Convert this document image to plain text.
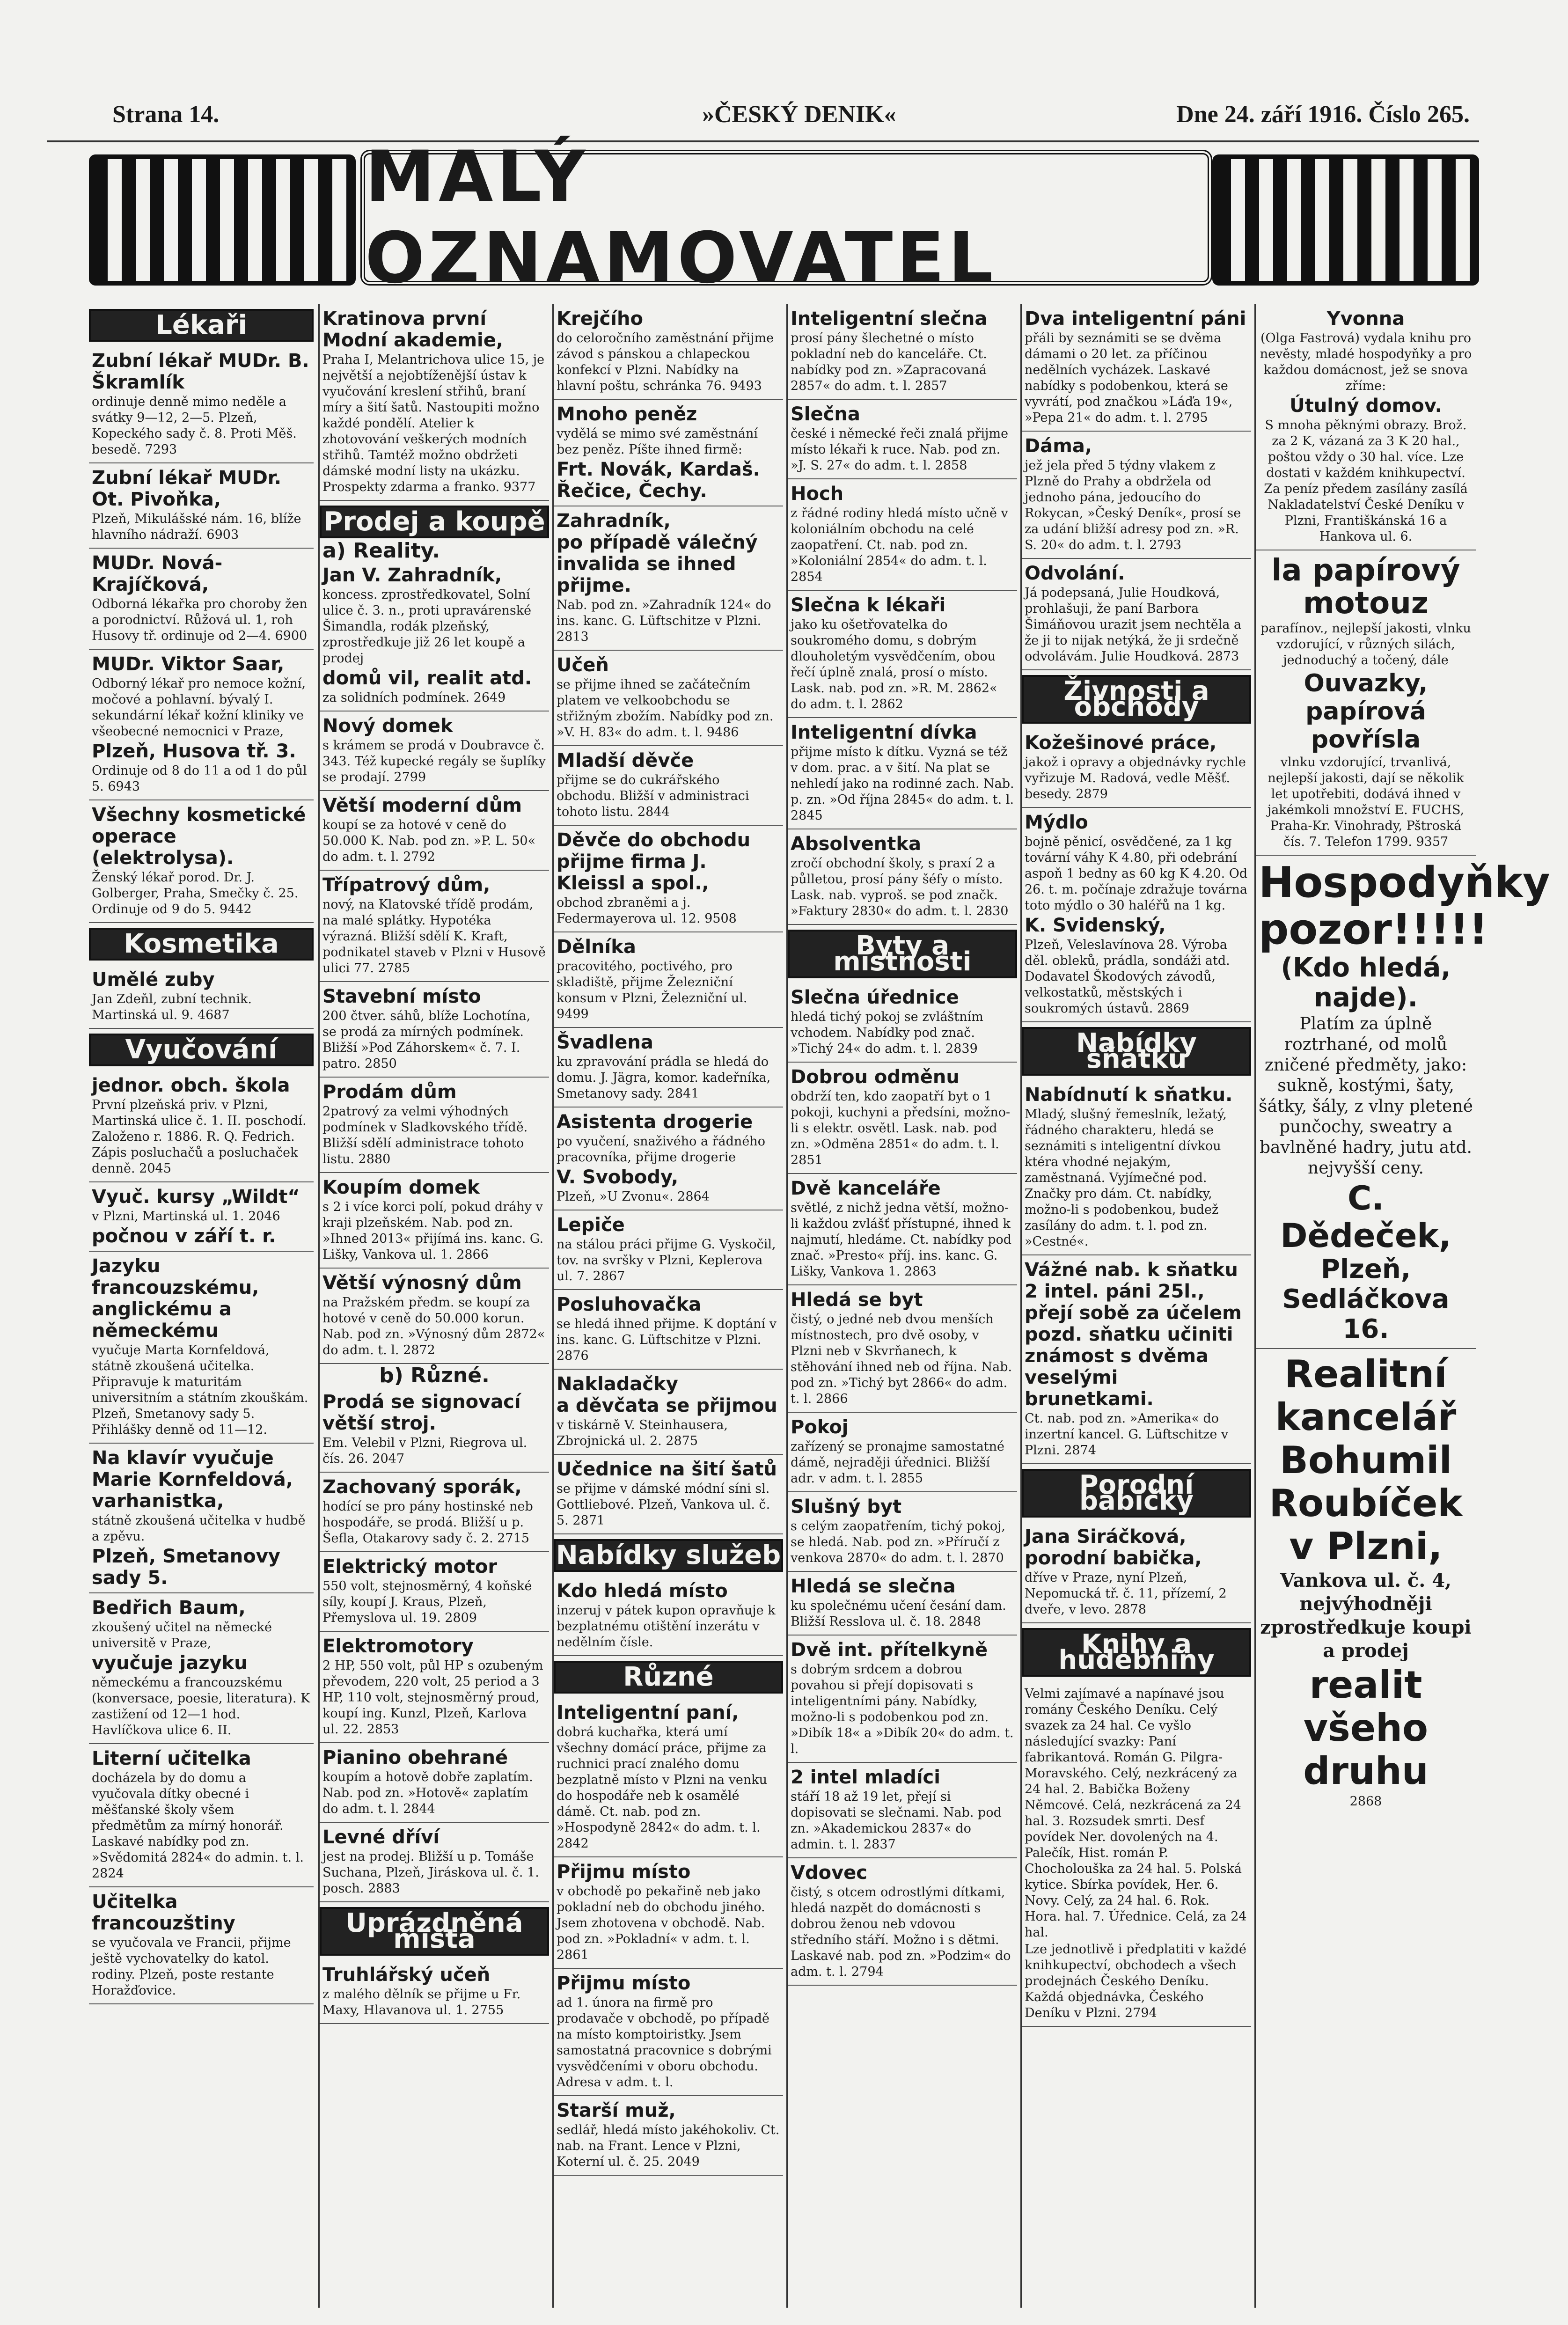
Strana 14.	»ČESKÝ DENIK«	Dne 24. září 1916. Číslo 265.
MALÝ OZNAMOVATEL
Lékaři
Zubní lékař MUDr. B. Škramlík

ordinuje denně mimo neděle a svátky 9—12, 2—5. Plzeň, Kopeckého sady č. 8. Proti Měš. besedě. 7293

Zubní lékař MUDr. Ot. Pivoňka,

Plzeň, Mikulášské nám. 16, blíže hlavního nádraží. 6903

MUDr. Nová-Krajíčková,

Odborná lékařka pro choroby žen a porodnictví. Růžová ul. 1, roh Husovy tř. ordinuje od 2—4. 6900

MUDr. Viktor Saar,

Odborný lékař pro nemoce kožní, močové a pohlavní. bývalý I. sekundární lékař kožní kliniky ve všeobecné nemocnici v Praze,

Plzeň, Husova tř. 3.

Ordinuje od 8 do 11 a od 1 do půl 5. 6943

Všechny kosmetické operace (elektrolysa).

Ženský lékař porod. Dr. J. Golberger, Praha, Smečky č. 25. Ordinuje od 9 do 5. 9442

Kosmetika
Umělé zuby

Jan Zdeňl, zubní technik. Martinská ul. 9. 4687

Vyučování
jednor. obch. škola

První plzeňská priv. v Plzni, Martinská ulice č. 1. II. poschodí. Založeno r. 1886. R. Q. Fedrich. Zápis posluchačů a posluchaček denně. 2045

Vyuč. kursy „Wildt“

v Plzni, Martinská ul. 1. 2046

počnou v září t. r.
Jazyku francouzskému, anglickému a německému

vyučuje Marta Kornfeldová, státně zkoušená učitelka. Připravuje k maturitám universitním a státním zkouškám. Plzeň, Smetanovy sady 5. Přihlášky denně od 11—12.

Na klavír vyučuje Marie Kornfeldová, varhanistka,

státně zkoušená učitelka v hudbě a zpěvu.

Plzeň, Smetanovy sady 5.
Bedřich Baum,

zkoušený učitel na německé universitě v Praze,

vyučuje jazyku

německému a francouzskému (konversace, poesie, literatura). K zastižení od 12—1 hod. Havlíčkova ulice 6. II.

Literní učitelka

docházela by do domu a vyučovala dítky obecné i měšťanské školy všem předmětům za mírný honorář. Laskavé nabídky pod zn. »Svědomitá 2824« do admin. t. l. 2824

Učitelka francouzštiny

se vyučovala ve Francii, přijme ještě vychovatelky do katol. rodiny. Plzeň, poste restante Horažďovice.

Kratinova první Modní akademie,

Praha I, Melantrichova ulice 15, je největší a nejobtíženější ústav k vyučování kreslení střihů, braní míry a šití šatů. Nastoupiti možno každé pondělí. Atelier k zhotovování veškerých modních střihů. Tamtéž možno obdržeti dámské modní listy na ukázku. Prospekty zdarma a franko. 9377

Prodej a koupě
a) Reality.
Jan V. Zahradník,

koncess. zprostředkovatel, Solní ulice č. 3. n., proti upravárenské Šimandla, rodák plzeňský, zprostředkuje již 26 let koupě a prodej

domů vil, realit atd.

za solidních podmínek. 2649

Nový domek

s krámem se prodá v Doubravce č. 343. Též kupecké regály se šuplíky se prodají. 2799

Větší moderní dům

koupí se za hotové v ceně do 50.000 K. Nab. pod zn. »P. L. 50« do adm. t. l. 2792

Třípatrový dům,

nový, na Klatovské třídě prodám, na malé splátky. Hypotéka výrazná. Bližší sdělí K. Kraft, podnikatel staveb v Plzni v Husově ulici 77. 2785

Stavební místo

200 čtver. sáhů, blíže Lochotína, se prodá za mírných podmínek. Bližší »Pod Záhorskem« č. 7. I. patro. 2850

Prodám dům

2patrový za velmi výhodných podmínek v Sladkovského třídě. Bližší sdělí administrace tohoto listu. 2880

Koupím domek

s 2 i více korci polí, pokud dráhy v kraji plzeňském. Nab. pod zn. »Ihned 2013« přijímá ins. kanc. G. Lišky, Vankova ul. 1. 2866

Větší výnosný dům

na Pražském předm. se koupí za hotové v ceně do 50.000 korun. Nab. pod zn. »Výnosný dům 2872« do adm. t. l. 2872

b) Různé.
Prodá se signovací větší stroj.

Em. Velebil v Plzni, Riegrova ul. čís. 26. 2047

Zachovaný sporák,

hodící se pro pány hostinské neb hospodáře, se prodá. Bližší u p. Šefla, Otakarovy sady č. 2. 2715

Elektrický motor

550 volt, stejnosměrný, 4 koňské síly, koupí J. Kraus, Plzeň, Přemyslova ul. 19. 2809

Elektromotory

2 HP, 550 volt, půl HP s ozubeným převodem, 220 volt, 25 period a 3 HP, 110 volt, stejnosměrný proud, koupí ing. Kunzl, Plzeň, Karlova ul. 22. 2853

Pianino obehrané

koupím a hotově dobře zaplatím. Nab. pod zn. »Hotově« zaplatím do adm. t. l. 2844

Levné dříví

jest na prodej. Bližší u p. Tomáše Suchana, Plzeň, Jiráskova ul. č. 1. posch. 2883

Uprázdněná místa
Truhlářský učeň

z malého dělník se přijme u Fr. Maxy, Hlavanova ul. 1. 2755

Krejčího

do celoročního zaměstnání přijme závod s pánskou a chlapeckou konfekcí v Plzni. Nabídky na hlavní poštu, schránka 76. 9493

Mnoho peněz

vydělá se mimo své zaměstnání bez peněz. Píšte ihned firmě:

Frt. Novák, Kardaš. Řečice, Čechy.
Zahradník,
po případě válečný invalida se ihned přijme.

Nab. pod zn. »Zahradník 124« do ins. kanc. G. Lüftschitze v Plzni. 2813

Učeň

se přijme ihned se začátečním platem ve velkoobchodu se střižným zbožím. Nabídky pod zn. »V. H. 83« do adm. t. l. 9486

Mladší děvče

přijme se do cukrářského obchodu. Bližší v administraci tohoto listu. 2844

Děvče do obchodu
přijme firma J. Kleissl a spol.,

obchod zbraněmi a j. Federmayerova ul. 12. 9508

Dělníka

pracovitého, poctivého, pro skladiště, přijme Železniční konsum v Plzni, Železniční ul. 9499

Švadlena

ku zpravování prádla se hledá do domu. J. Jägra, komor. kadeřníka, Smetanovy sady. 2841

Asistenta drogerie

po vyučení, snaživého a řádného pracovníka, přijme drogerie

V. Svobody,

Plzeň, »U Zvonu«. 2864

Lepiče

na stálou práci přijme G. Vyskočil, tov. na svršky v Plzni, Keplerova ul. 7. 2867

Posluhovačka

se hledá ihned přijme. K doptání v ins. kanc. G. Lüftschitze v Plzni. 2876

Nakladačky
a děvčata se přijmou

v tiskárně V. Steinhausera, Zbrojnická ul. 2. 2875

Učednice na šití šatů

se přijme v dámské módní síni sl. Gottliebové. Plzeň, Vankova ul. č. 5. 2871

Nabídky služeb
Kdo hledá místo

inzeruj v pátek kupon opravňuje k bezplatnému otištění inzerátu v nedělním čísle.

Různé
Inteligentní paní,

dobrá kuchařka, která umí všechny domácí práce, přijme za ruchnici prací znalého domu bezplatně místo v Plzni na venku do hospodáře neb k osamělé dámě. Ct. nab. pod zn. »Hospodyně 2842« do adm. t. l. 2842

Přijmu místo

v obchodě po pekařině neb jako pokladní neb do obchodu jiného. Jsem zhotovena v obchodě. Nab. pod zn. »Pokladní« v adm. t. l. 2861

Přijmu místo

ad 1. února na firmě pro prodavače v obchodě, po případě na místo komptoiristky. Jsem samostatná pracovnice s dobrými vysvědčeními v oboru obchodu. Adresa v adm. t. l.

Starší muž,

sedlář, hledá místo jakéhokoliv. Ct. nab. na Frant. Lence v Plzni, Koterní ul. č. 25. 2049

Inteligentní slečna

prosí pány šlechetné o místo pokladní neb do kanceláře. Ct. nabídky pod zn. »Zapracovaná 2857« do adm. t. l. 2857

Slečna

české i německé řeči znalá přijme místo lékaři k ruce. Nab. pod zn. »J. S. 27« do adm. t. l. 2858

Hoch

z řádné rodiny hledá místo učně v koloniálním obchodu na celé zaopatření. Ct. nab. pod zn. »Koloniální 2854« do adm. t. l. 2854

Slečna k lékaři

jako ku ošetřovatelka do soukromého domu, s dobrým dlouholetým vysvědčením, obou řečí úplně znalá, prosí o místo. Lask. nab. pod zn. »R. M. 2862« do adm. t. l. 2862

Inteligentní dívka

přijme místo k dítku. Vyzná se též v dom. prac. a v šití. Na plat se nehledí jako na rodinné zach. Nab. p. zn. »Od října 2845« do adm. t. l. 2845

Absolventka

zročí obchodní školy, s praxí 2 a půlletou, prosí pány šéfy o místo. Lask. nab. vyproš. se pod značk. »Faktury 2830« do adm. t. l. 2830

Byty a místnosti
Slečna úřednice

hledá tichý pokoj se zvláštním vchodem. Nabídky pod znač. »Tichý 24« do adm. t. l. 2839

Dobrou odměnu

obdrží ten, kdo zaopatří byt o 1 pokoji, kuchyni a předsíni, možno-li s elektr. osvětl. Lask. nab. pod zn. »Odměna 2851« do adm. t. l. 2851

Dvě kanceláře

světlé, z nichž jedna větší, možno-li každou zvlášť přístupné, ihned k najmutí, hledáme. Ct. nabídky pod znač. »Presto« příj. ins. kanc. G. Lišky, Vankova 1. 2863

Hledá se byt

čistý, o jedné neb dvou menších místnostech, pro dvě osoby, v Plzni neb v Skvrňanech, k stěhování ihned neb od října. Nab. pod zn. »Tichý byt 2866« do adm. t. l. 2866

Pokoj

zařízený se pronajme samostatné dámě, nejraději úřednici. Bližší adr. v adm. t. l. 2855

Slušný byt

s celým zaopatřením, tichý pokoj, se hledá. Nab. pod zn. »Příručí z venkova 2870« do adm. t. l. 2870

Hledá se slečna

ku společnému učení česání dam. Bližší Resslova ul. č. 18. 2848

Dvě int. přítelkyně

s dobrým srdcem a dobrou povahou si přejí dopisovati s inteligentními pány. Nabídky, možno-li s podobenkou pod zn. »Dibík 18« a »Dibík 20« do adm. t. l.

2 intel mladíci

stáří 18 až 19 let, přejí si dopisovati se slečnami. Nab. pod zn. »Akademickou 2837« do admin. t. l. 2837

Vdovec

čistý, s otcem odrostlými dítkami, hledá nazpět do domácnosti s dobrou ženou neb vdovou středního stáří. Možno i s dětmi. Laskavé nab. pod zn. »Podzim« do adm. t. l. 2794

Dva inteligentní páni

přáli by seznámiti se se dvěma dámami o 20 let. za příčinou nedělních vycházek. Laskavé nabídky s podobenkou, která se vyvrátí, pod značkou »Láďa 19«, »Pepa 21« do adm. t. l. 2795

Dáma,

jež jela před 5 týdny vlakem z Plzně do Prahy a obdržela od jednoho pána, jedoucího do Rokycan, »Český Deník«, prosí se za udání bližší adresy pod zn. »R. S. 20« do adm. t. l. 2793

Odvolání.

Já podepsaná, Julie Houdková, prohlašuji, že paní Barbora Šimáňovou urazit jsem nechtěla a že ji to nijak netýká, že ji srdečně odvolávám. Julie Houdková. 2873

Živnosti a obchody
Kožešinové práce,

jakož i opravy a objednávky rychle vyřizuje M. Radová, vedle Měšť. besedy. 2879

Mýdlo

bojně pěnicí, osvědčené, za 1 kg tovární váhy K 4.80, při odebrání aspoň 1 bedny as 60 kg K 4.20. Od 26. t. m. počínaje zdražuje továrna toto mýdlo o 30 haléřů na 1 kg.

K. Svidenský,

Plzeň, Veleslavínova 28. Výroba děl. obleků, prádla, sondáži atd. Dodavatel Škodových závodů, velkostatků, městských i soukromých ústavů. 2869

Nabídky sňatku
Nabídnutí k sňatku.

Mladý, slušný řemeslník, ležatý, řádného charakteru, hledá se seznámiti s inteligentní dívkou ktéra vhodné nejakým, zaměstnaná. Vyjímečné pod. Značky pro dám. Ct. nabídky, možno-li s podobenkou, budež zasílány do adm. t. l. pod zn. »Cestné«.

Vážné nab. k sňatku
2 intel. páni 25l., přejí sobě za účelem pozd. sňatku učiniti známost s dvěma veselými brunetkami.

Ct. nab. pod zn. »Amerika« do inzertní kancel. G. Lüftschitze v Plzni. 2874

Porodní babičky
Jana Siráčková, porodní babička,

dříve v Praze, nyní Plzeň, Nepomucká tř. č. 11, přízemí, 2 dveře, v levo. 2878

Knihy a hudebniny

Velmi zajímavé a napínavé jsou romány Českého Deníku. Celý svazek za 24 hal. Ce vyšlo následující svazky: Paní fabrikantová. Román G. Pilgra-Moravského. Celý, nezkrácený za 24 hal. 2. Babička Boženy Němcové. Celá, nezkrácená za 24 hal. 3. Rozsudek smrti. Desf povídek Ner. dovolených na 4. Palečík, Hist. román P. Chocholouška za 24 hal. 5. Polská kytice. Sbírka povídek, Her. 6. Novy. Celý, za 24 hal. 6. Rok. Hora. hal. 7. Úřednice. Celá, za 24 hal.

Lze jednotlivě i předplatiti v každé knihkupectví, obchodech a všech prodejnách Českého Deníku. Každá objednávka, Českého Deníku v Plzni. 2794

Yvonna

(Olga Fastrová) vydala knihu pro nevěsty, mladé hospodyňky a pro každou domácnost, jež se snova zříme:

Útulný domov.

S mnoha pěknými obrazy. Brož. za 2 K, vázaná za 3 K 20 hal., poštou vždy o 30 hal. více. Lze dostati v každém knihkupectví. Za peníz předem zasílány zasílá Nakladatelství České Deníku v Plzni, Františkánská 16 a Hankova ul. 6.

la papírový motouz

parafínov., nejlepší jakosti, vlnku vzdorující, v různých silách, jednoduchý a točený, dále

Ouvazky, papírová povřísla

vlnku vzdorující, trvanlivá, nejlepší jakosti, dají se několik let upotřebiti, dodává ihned v jakémkoli množství E. FUCHS, Praha-Kr. Vinohrady, Pštroská čís. 7. Telefon 1799. 9357

Hospodyňky pozor!!!!!
(Kdo hledá, najde).

Platím za úplně roztrhané, od molů zničené předměty, jako: sukně, kostými, šaty, šátky, šály, z vlny pletené punčochy, sweatry a bavlněné hadry, jutu atd. nejvyšší ceny.

C. Dědeček,
Plzeň, Sedláčkova 16.
Realitní kancelář Bohumil Roubíček v Plzni,

Vankova ul. č. 4, nejvýhodněji zprostředkuje koupi a prodej

realit všeho druhu

2868
